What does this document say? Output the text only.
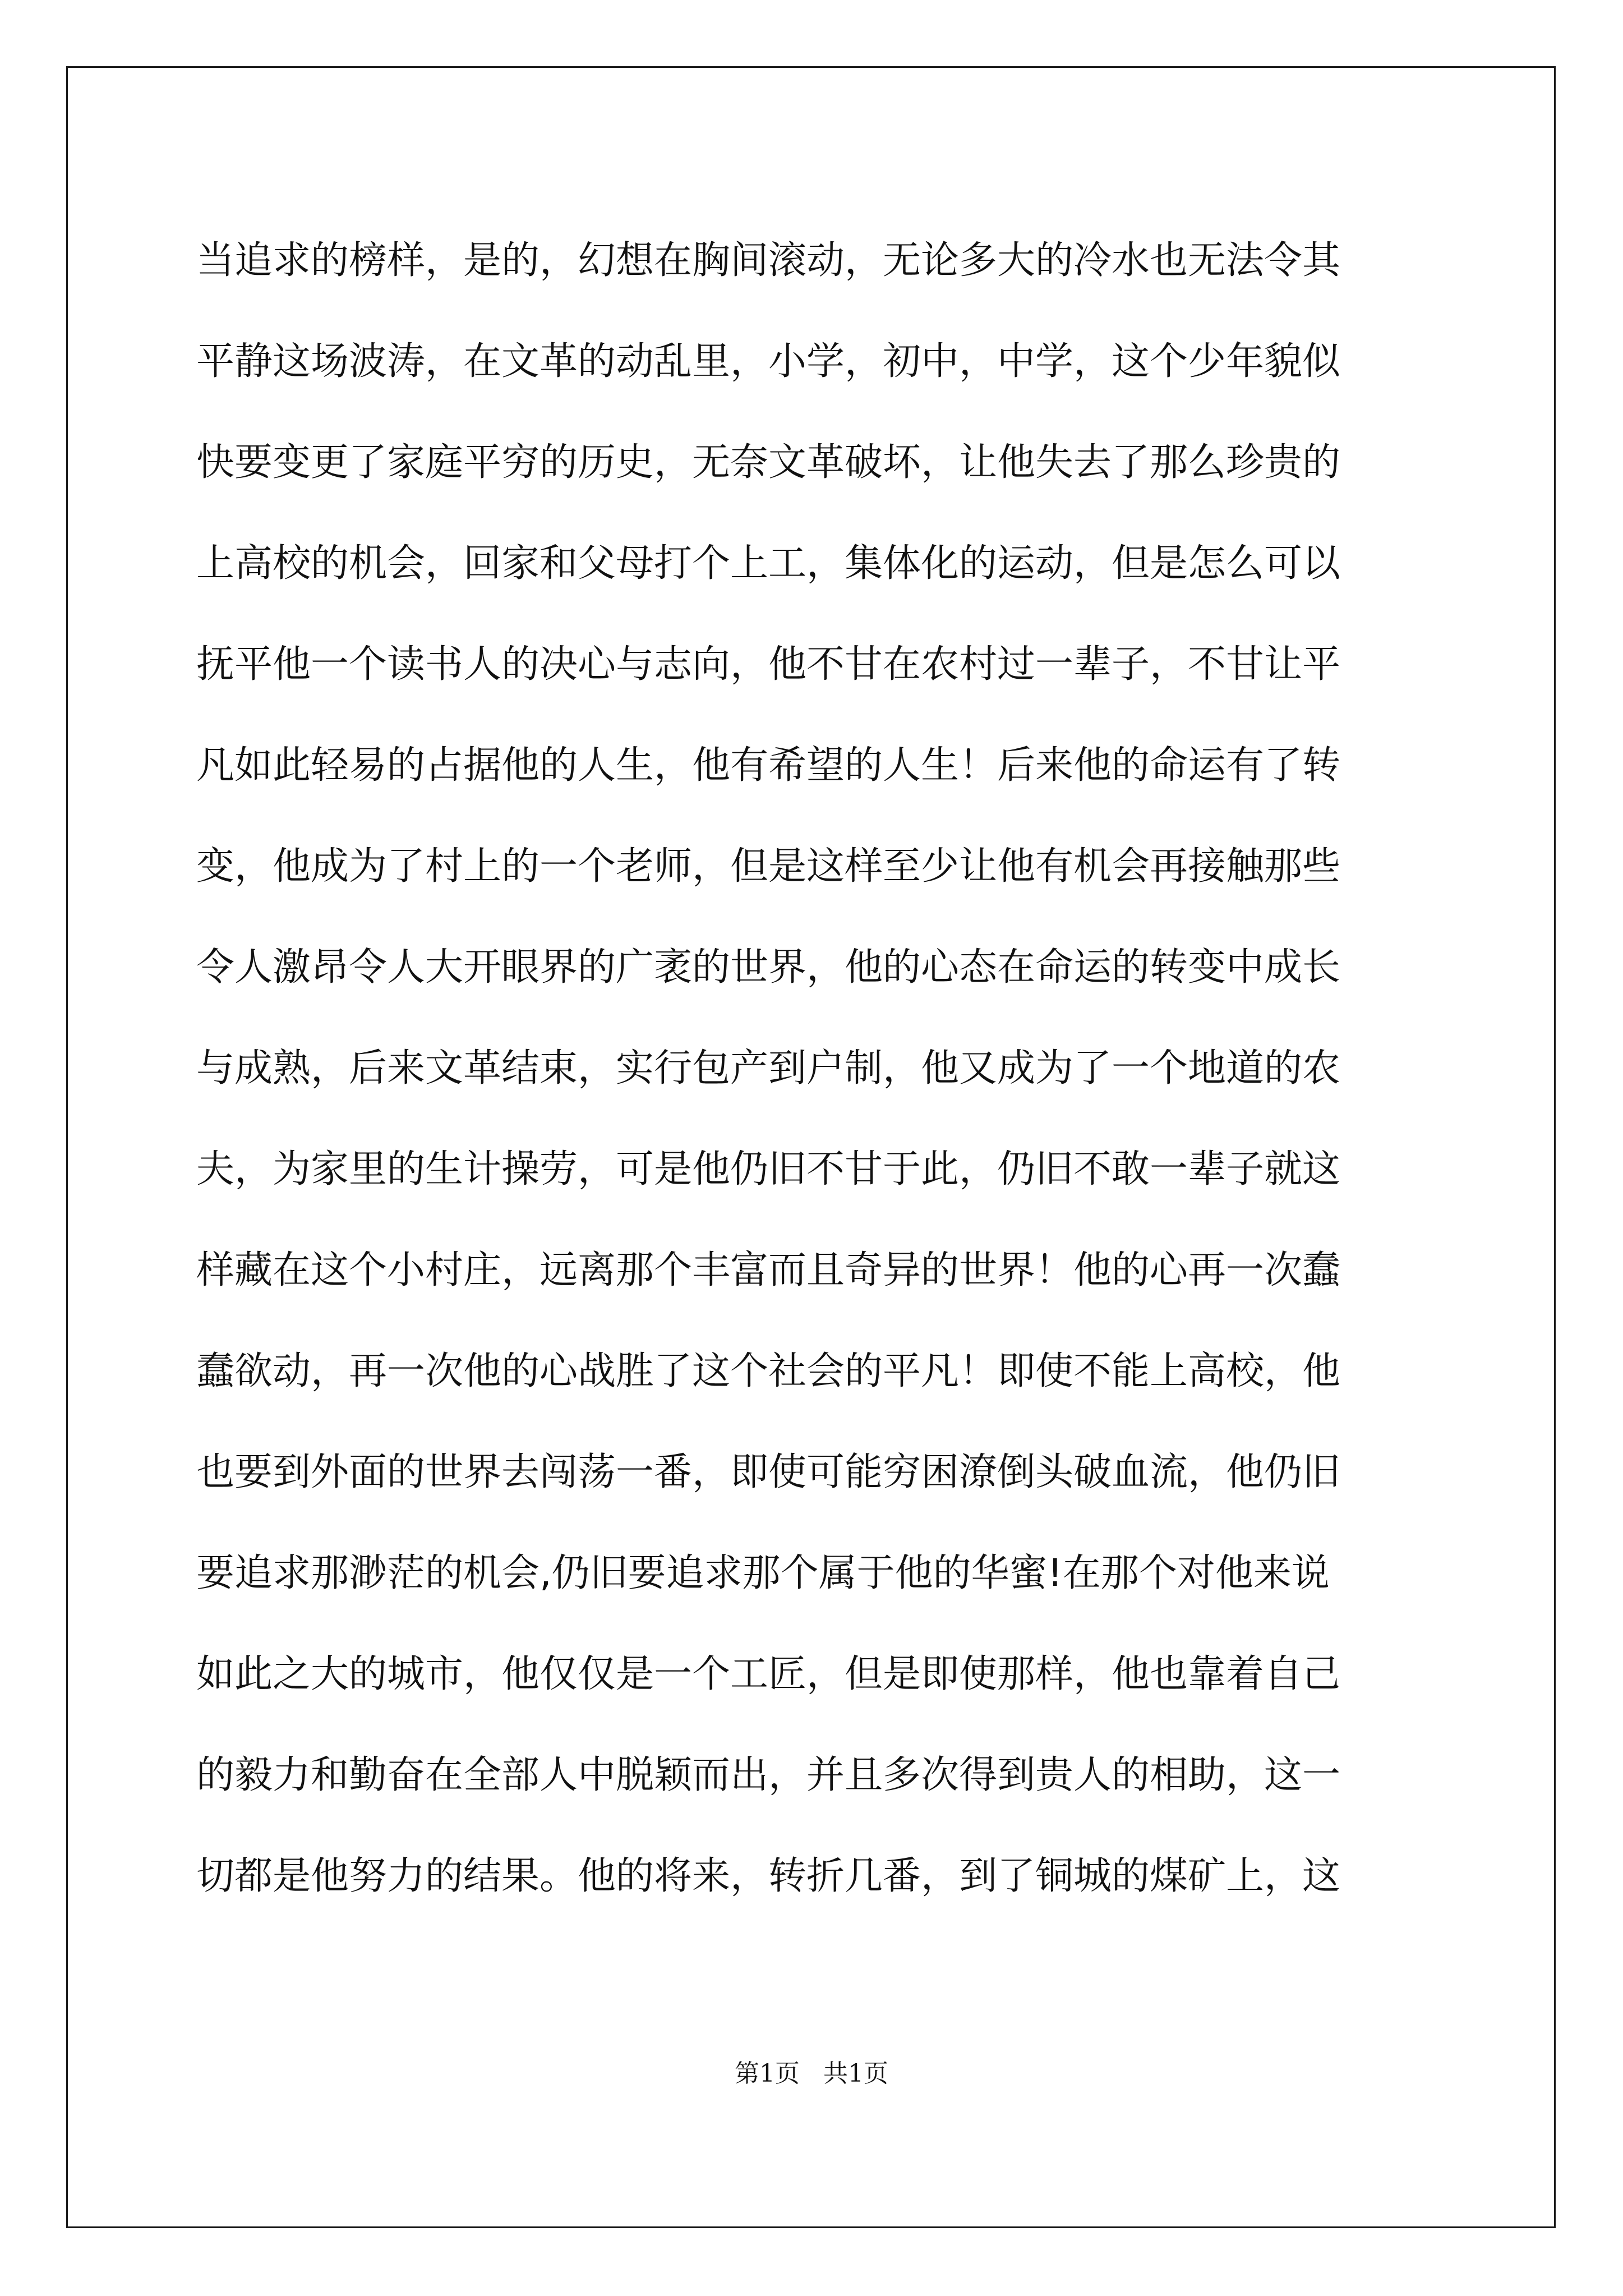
当追求的榜样，是的，幻想在胸间滚动，无论多大的冷水也无法令其
平静这场波涛，在文革的动乱里，小学，初中，中学，这个少年貌似
快要变更了家庭平穷的历史，无奈文革破坏，让他失去了那么珍贵的
上高校的机会，回家和父母打个上工，集体化的运动，但是怎么可以
抚平他一个读书人的决心与志向，他不甘在农村过一辈子，不甘让平
凡如此轻易的占据他的人生，他有希望的人生！后来他的命运有了转
变，他成为了村上的一个老师，但是这样至少让他有机会再接触那些
令人激昂令人大开眼界的广袤的世界，他的心态在命运的转变中成长
与成熟，后来文革结束，实行包产到户制，他又成为了一个地道的农
夫，为家里的生计操劳，可是他仍旧不甘于此，仍旧不敢一辈子就这
样藏在这个小村庄，远离那个丰富而且奇异的世界！他的心再一次蠢
蠢欲动，再一次他的心战胜了这个社会的平凡！即使不能上高校，他
也要到外面的世界去闯荡一番，即使可能穷困潦倒头破血流，他仍旧
要追求那渺茫的机会,仍旧要追求那个属于他的华蜜!在那个对他来说
如此之大的城市，他仅仅是一个工匠，但是即使那样，他也靠着自己
的毅力和勤奋在全部人中脱颖而出，并且多次得到贵人的相助，这一
切都是他努力的结果。他的将来，转折几番，到了铜城的煤矿上，这

第1页   共1页
